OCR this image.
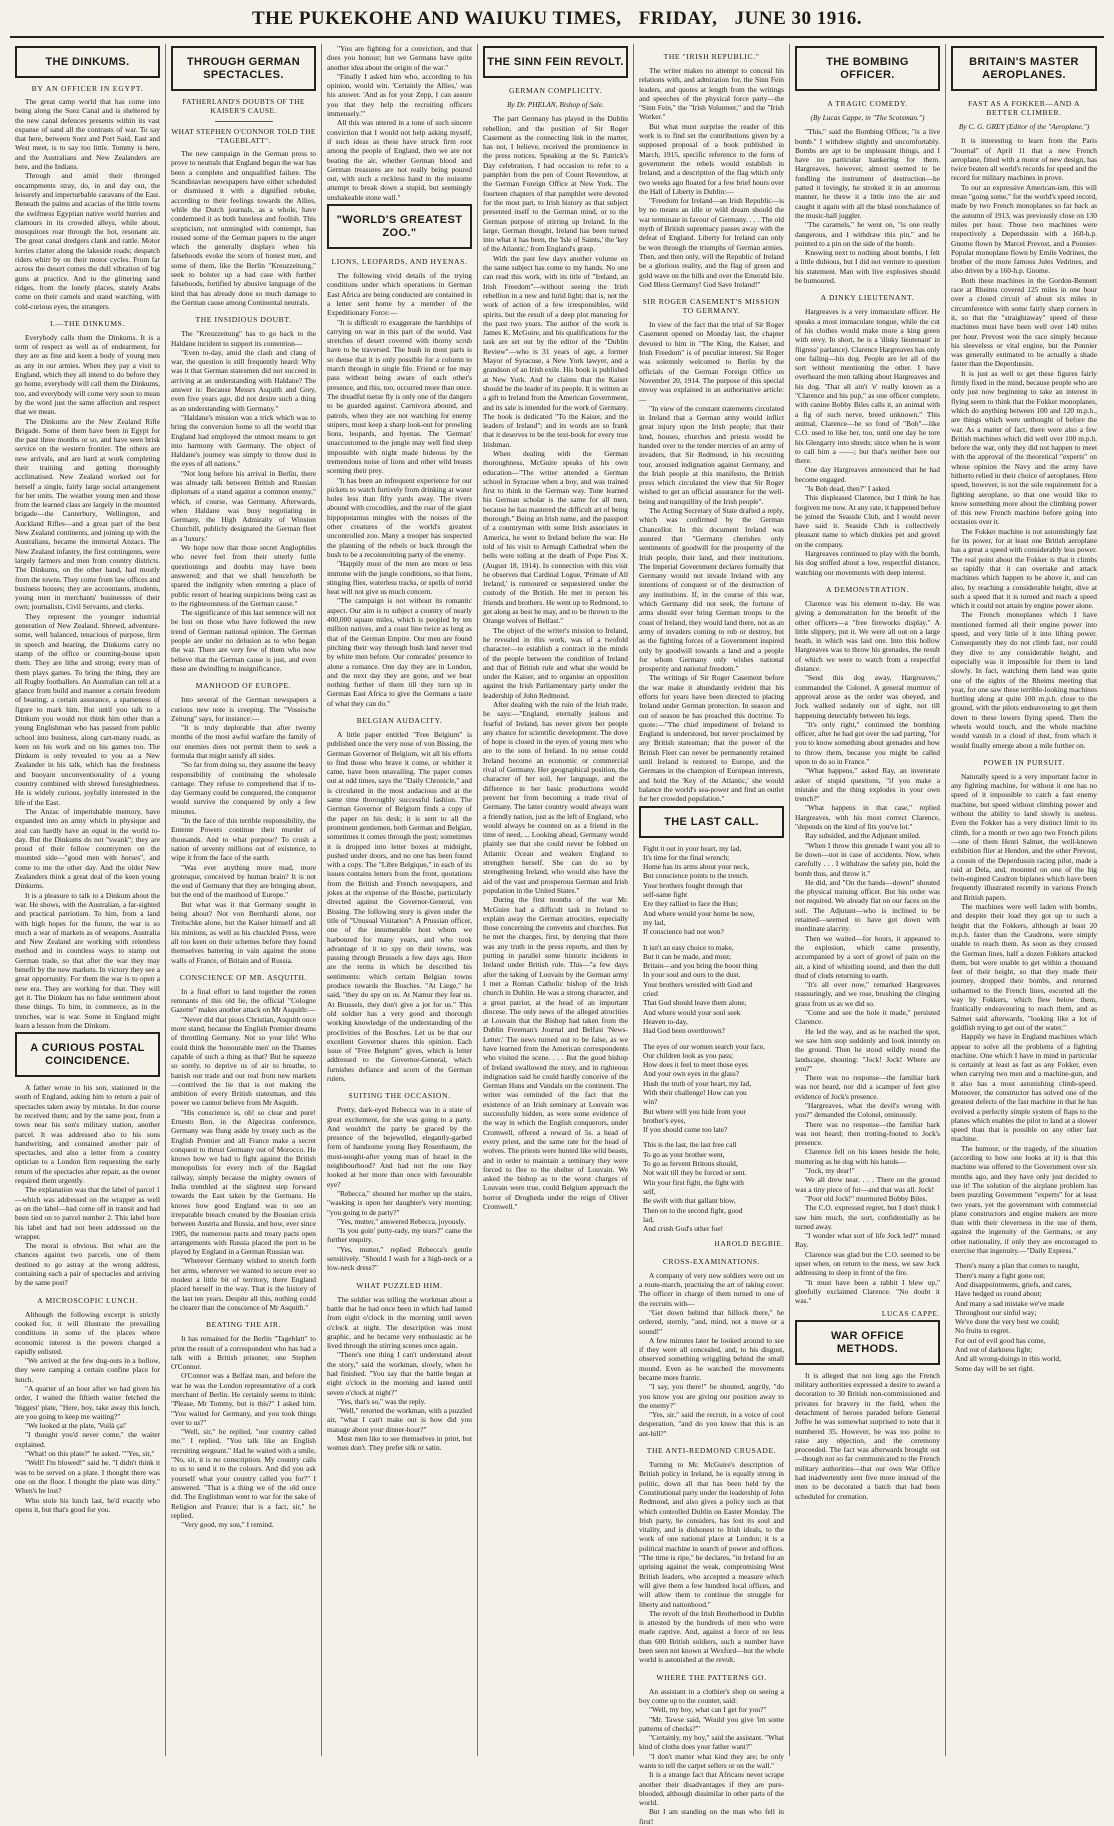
THE PUKEKOHE AND WAIUKU TIMES, FRIDAY, JUNE 30 1916.
THE DINKUMS.
BY AN OFFICER IN EGYPT.

The great camp world that has come into being along the Suez Canal and is sheltered by the new canal defences presents within its vast expanse of sand all the contrasts of war. To say that here, between Suez and Port Said, East and West meet, is to say too little. Tommy is here, and the Australians and New Zealanders are here, and the Indians.

Through and amid their thronged encampments stray, do, in and day out, the leisurely and imperturbable caravans of the East. Beneath the palms and acacias of the little towns the swiftness Egyptian native world hurries and clamours in its crowded alleys, while about, mosquitoes roar through the hot, resonant air. The great canal dredgers clank and rattle. Motor lorries clatter along the lakeside roads; despatch riders whirr by on their motor cycles. From far across the desert comes the dull vibration of big guns at practice. And to the glittering sand ridges, from the lonely places, stately Arabs come on their camels and stand watching, with cold-curious eyes, the strangers.

I.—THE DINKUMS.

Everybody calls them the Dinkums. It is a term of respect as well as of endearment, for they are as fine and keen a body of young men as any in our armies. When they pay a visit to England, which they all intend to do before they go home, everybody will call them the Dinkums, too, and everybody will come very soon to mean by the word just the same affection and respect that we mean.

The Dinkums are the New Zealand Rifle Brigade. Some of them have been in Egypt for the past three months or so, and have seen brisk service on the western frontier. The others are new arrivals, and are hard at work completing their training and getting thoroughly acclimatised. New Zealand worked out for herself a single, fairly large social arrangement for her units. The weather young men and those from the learned class are largely in the mounted brigade—the Canterbury, Wellington, and Auckland Rifles—and a great part of the best New Zealand continents, and joining up with the Australians, became the immortal Anzacs. The New Zealand infantry, the first contingents, were largely farmers and men from country districts. The Dinkums, on the other hand, had mostly from the towns. They come from law offices and business houses; they are accountants, students, young men in merchants' businesses of their own; journalists, Civil Servants, and clerks.

They represent the younger industrial generation of New Zealand. Shrewd, adventure-some, well balanced, tenacious of purpose, firm in speech and bearing, the Dinkums carry no stamp of the office or counting-house upon them. They are lithe and strong; every man of them plays games. To bring the thing, they are all Rugby footballers. An Australian can tell at a glance from build and manner a certain freedom of bearing, a certain assurance, a sparseness of figure to mark him. But until you talk to a Dinkum you would not think him other than a young Englishman who has passed from public school into business, along cart-many roads, as keen on his work and on his games too. The Dinkum is only revealed to you as a New Zealander in his talk, which has the freshness and buoyant unconventionality of a young country combined with shrewd foresightedness. He is widely curious, joyfully interested in the life of the East.

The Anzac of imperishable memory, have expanded into an army which in physique and zeal can hardly have an equal in the world to-day. But the Dinkums do not "swank"; they are proud of their fellow countrymen on the mounted side—"good men with horses", and come to me the other day. And the older New Zealanders think a great deal of the keen young Dinkums.

It is a pleasure to talk to a Dinkum about the war. He shows, with the Australian, a far-sighted and practical patriotism. To him, from a land with high hopes for the future, the war is so much a war of markets as of weapons. Australia and New Zealand are working with relentless method and in countless ways to stamp out German trade, so that after the war they may benefit by the new markets. In victory they see a great opportunity. For them the war is to open a new era. They are working for that. They will get it. The Dinkum has no false sentiment about these things. To him, in commerce, as in the trenches, war is war. Some in England might learn a lesson from the Dinkum.

A CURIOUS POSTAL COINCIDENCE.

A father wrote to his son, stationed in the south of England, asking him to return a pair of spectacles taken away by mistake. In due course he received them; and by the same post, from a town near his son's military station, another parcel. It was addressed also to his sons handwriting, and contained another pair of spectacles, and also a letter from a country optician to a London firm requesting the early return of the spectacles after repair, as the owner required them urgently.

The explanation was that the label of parcel 1—which was addressed on the wrapper as well as on the label—had come off in transit and had been tied on to parcel number 2. This label bore his label and had not been addressed on the wrapper.

The moral is obvious. But what are the chances against two parcels, one of them destined to go astray at the wrong address, containing each a pair of spectacles and arriving by the same post?

A MICROSCOPIC LUNCH.

Although the following excerpt is strictly cooked for, it will illustrate the prevailing conditions in some of the places where economic interest is the powers charged a rapidly enlisted.

"We arrived at the few dug-outs in a hollow, they were camping a certain confine place for lunch.

"A quarter of an hour after we had given his order, I waited the fiftieth waiter fetched the 'biggest' plate, "Here, boy, take away this lunch, are you going to keep me waiting?"

"We looked at the plate, 'Voilà ça!'

"I thought you'd never come," the waiter explained.

"What! on this plate?" he asked. ""Yes, sir,"

"Well! I'm blowed!" said he. "I didn't think it was to be served on a plate. I thought there was one on the floor. I thought the plate was dirty." When's he lost?

Who stole his lunch last, he'd exactly who opens it, but that's good for you.

THROUGH GERMAN SPECTACLES.
FATHERLAND'S DOUBTS OF THE KAISER'S CAUSE.
WHAT STEPHEN O'CONNOR TOLD THE "TAGEBLATT".

The new campaign in the German press to prove to neutrals that England began the war has been a complete and unqualified failure. The Scandinavian newspapers have either scheduled or dismissed it with a dignified rebuke, according to their feelings towards the Allies, while the Dutch journals, as a whole, have condemned it as both baseless and foolish. This scepticism, not unmingled with contempt, has roused some of the German papers to the anger which the generally displays when his falsehoods evoke the scorn of honest men, and some of them, like the Berlin "Kreuzzeitung," seek to bolster up a bad case with further falsehoods, fortified by abusive language of the kind that has already done so much damage to the German cause among Continental neutrals.

THE INSIDIOUS DOUBT.

The "Kreuzzeitung" has to go back to the Haldane incident to support its contention—

"Even to-day, amid the clash and clang of war, the question is still frequently heard: Why was it that German statesmen did not succeed in arriving at an understanding with Haldane? The answer is: Because Messrs Asquith and Grey, even five years ago, did not desire such a thing as an understanding with Germany."

"Haldane's mission was a trick which was to bring the conversion home to all the world that England had employed the utmost means to get into harmony with Germany. The object of Haldane's journey was simply to throw dust in the eyes of all nations."

"Not long before his arrival in Berlin, there was already talk between British and Russian diplomats of a stand against a common enemy," which, of course, was Germany. Afterwards, when Haldane was busy negotiating in Germany, the High Admiralty of Winston Churchill, publicly designated the German fleet as a 'luxury.'

We hope now that those secret Anglophiles who never feel from their utterly futile questionings and doubts may have been answered; and that we shall henceforth be spared the indignity when entering a place of public resort of hearing suspicions being cast as to the righteousness of the German cause."

The significance of this last sentence will not be lost on those who have followed the new trend of German national opinion. The German people are under no delusion as to who began the war. There are very few of them who now believe that the German cause is just, and even these are dwindling to insignificance.

MANHOOD OF EUROPE.

Into several of the German newspapers a curious new note is creeping. The "Vossische Zeitung" says, for instance:—

"It is truly deplorable that after twenty months of the most awful warfare the family of our enemies does not permit them to seek a formula that might satisfy all sides.

"So far from doing so, they assume the heavy responsibility of continuing the wholesale carnage. They refuse to comprehend that if to-day Germany could be conquered, the conqueror would survive the conquered by only a few minutes.

"In the face of this terrible responsibility, the Entente Powers continue their murder of thousands. And to what purpose? To crush a nation of seventy millions out of existence, to wipe it from the face of the earth.

"Was ever anything more mad, more grotesque, conceived by human brain? It is not the end of Germany that they are bringing about, but the end of the manhood of Europe."

But what was it that Germany sought in being about? Not von Bernhardi alone, nor Treitschke alone, but the Kaiser himself and all his minions, as well as his chuckled Press, were all too keen on their schemes before they found themselves battering in vain against the stone walls of France, of Britain and of Russia.

CONSCIENCE OF MR. ASQUITH.

In a final effort to land together the rotten remnants of this old lie, the official "Cologne Gazette" makes another attack on Mr Asquith:—

"Never did that pious Christian, Asquith once more stand, because the English Premier dreams of throttling Germany. Not so your life! Who could think the 'honourable men' on the Thames capable of such a thing as that? But he squeeze so sorely, to deprive us of air to breathe, to banish our trade and our real from new markets—contrived the lie that is not making the ambition of every British statesman, and this power we cannot believe from Mr Asquith.

"His conscience is, oh! so clear and pure! Ernesto Bon, in the Algeciras conference, Germany was flung aside by treaty such as the English Premier and all France make a secret conquest to thrust Germany out of Morocco. He knows how we had to fight against the British monopolists for every inch of the Bagdad railway, simply because the mighty owners of India trembled at the slightest step forward towards the East taken by the Germans. He knows how good England was to see an irreparable breach created by the Bosnian crisis between Austria and Russia, and how, ever since 1905, the numerous pacts and treaty pacts open arrangements with Russia placed the port to be played by England in a German Russian war.

"Wherever Germany wished to stretch forth her arms, wherever we wanted to secure ever so modest a little bit of territory, there England placed herself in the way. That is the history of the last ten years. Despite all this, nothing could be clearer than the conscience of Mr Asquith."

BEATING THE AIR.

It has remained for the Berlin "Tageblatt" to print the result of a correspondent who has had a talk with a British prisoner, one Stephen O'Connor.

O'Connor was a Belfast man, and before the war he was the London representative of a cork merchant of Berlin. He certainly seems to think: "Please, Mr Tommy, but is this?" I asked him. "You waited for Germany, and you took things over to us?"

"Well, sir," he replied, "our country called me." I replied, "You talk like an English recruiting sergeant." Had he waited with a smile, "No, sir, it is no conscription. My country calls to us to send it to the colours. And did you ask yourself what your country called you for?" I answered. "That is a thing we of the old once did. The Englishman went to war for the sake of Religion and France; that is a fact, sir," he replied.

"Very good, my son," I remind.

"You are fighting for a conviction, and that does you honour; but we Germans have quite another idea about the origin of the war."

"Finally I asked him who, according to his opinion, would win. 'Certainly the Allies,' was his answer. 'And as for your Zepp, I can assure you that they help the recruiting officers immensely.'"

All this was uttered in a tone of such sincere conviction that I would not help asking myself, if such ideas as these have struck firm root among the people of England, then we are not beating the air, whether German blood and German treasures are not really being poured out, with such a reckless hand in the noisome attempt to break down a stupid, but seemingly unshakeable stone wall."

"WORLD'S GREATEST ZOO."
LIONS, LEOPARDS, AND HYENAS.

The following vivid details of the trying conditions under which operations in German East Africa are being conducted are contained in a letter sent home by a member of the Expeditionary Force:—

"It is difficult to exaggerate the hardships of carrying on war in this part of the world. Vast stretches of desert covered with thorny scrub have to be traversed. The bush in most parts is so dense that it is only possible for a column to march through in single file. Friend or foe may pass without being aware of each other's presence, and this, too, occurred more than once. The dreadful tsetse fly is only one of the dangers to be guarded against. Carnivora abound, and patrols, when they are not watching for enemy snipers, must keep a sharp look-out for prowling lions, leopards, and hyenas. The 'German' unaccustomed to the jungle may well find sleep impossible with night made hideous by the tremendous noise of lions and other wild beasts scenting their prey.

"It has been an infrequent experience for our pickets to watch furtively from drinking at water holes less than fifty yards away. The rivers abound with crocodiles, and the roar of the giant hippopotamus mingles with the noises of the other creatures of the world's greatest uncontrolled zoo. Many a trooper has suspected the planning of the rebels or buck through the bush to be a recoinnoitring party of the enemy.

"Happily most of the men are more or less immune with the jungle conditions, so that lions, stinging flies, waterless tracks, or spells of torrid heat will not give us much concern.

"The campaign is not without its romantic aspect. Our aim is to subject a country of nearly 400,000 square miles, which is peopled by ten million natives, and a coast line twice as long as that of the German Empire. Our men are found pitching their way through bush land never trod by white men before. Our comrades' presence to alone a romance. One day they are in London, and the next day they are gone, and we hear nothing further of them till they turn up in German East Africa to give the Germans a taste of what they can do."

BELGIAN AUDACITY.

A little paper entitled "Free Belgium" is published once the very nose of von Bissing, the German Governor of Belgium, wit all his efforts to find those who brave it come, or whither it came, have been unavailing. The paper comes out at odd times, says the "Daily Chronicle," and is circulated in the most audacious and at the same time thoroughly successful fashion. The German Governor of Belgium finds a copy of the paper on his desk; it is sent to all the prominent gentlemen, both German and Belgian, sometimes it comes through the post; sometimes it is dropped into letter boxes at midnight, pushed under doors, and no one has been found with a copy. The "Libre Belgique," in each of its issues contains letters from the front, quotations from the British and French newspapers, and jokes at the expense of the Bosche, particularly directed against the Governor-General, von Bissing. The following story is given under the title of "Unusual Visitation": A Prussian officer, one of the innumerable host whom we harboured for many years, and who took advantage of it to spy on their towns, was passing through Brussels a few days ago. Here are the terms in which he described his sentiments: which certain Belgian towns produce towards the Bosches. "At Liege," he said, "they do spy on us. At Namur they fear us. At Brussels, they don't give a jot for us." This old soldier has a very good and thorough working knowledge of the understanding of the proclivities of the Bosches. Let us be that our excellent Governor shares this opinion. Each issue of "Free Belgium" gives, which is letter addressed to the Governor-General, which furnishes defiance and scorn of the German rulers.

SUITING THE OCCASION.

Pretty, dark-eyed Rebecca was in a state of great excitement, for she was going to a party. And wouldn't the party be graced by the presence of the bejewelled, elegantly-garbed form of handsome young Ikey Rosenbaum, the most-sought-after young man of Israel in the neighbourhood? And had not the one Ikey looked at her more than once with favourable eye?

"Rebecca," shouted her mother up the stairs, "wasking is upon her daughter's very morning; "you going to de party?"

"Yes, mutter," answered Rebecca, joyously.

"Is you goin' putty-rady, my tears?" came the further enquiry.

"Yes, mutter," replied Rebecca's gentle sensitively. "Should I wash for a high-neck or a low-neck dress?"

WHAT PUZZLED HIM.

The soldier was telling the workman about a battle that he had once been in which had lasted from eight o'clock in the morning until seven o'clock at night. The description was most graphic, and he became very enthusiastic as he lived through the stirring scenes once again.

"There's one thing I can't understand about the story," said the workman, slowly, when he had finished. "You say that the battle began at eight o'clock in the morning and lasted until seven o'clock at night?"

"Yes, that's so," was the reply.

"Well," retorted the workman, with a puzzled air, "what I can't make out is how did you manage about your dinner-hour?"

Most men like to see themselves in print, but women don't. They prefer silk or satin.

THE SINN FEIN REVOLT.
GERMAN COMPLICITY.
By Dr. PHELAN, Bishop of Sale.

The part Germany has played in the Dublin rebellion, and the position of Sir Roger Casement as the connecting link in the matter, has not, I believe, received the prominence in the press notices. Speaking at the St. Patrick's Day celebration, I had occasion to refer to a pamphlet from the pen of Count Reventlow, at the German Foreign Office at New York. The fourteen chapters of that pamphlet were devoted for the most part, to Irish history as that subject presented itself to the German mind, or to the German purpose of stirring up Ireland. In the large, German thought, Ireland has been turned into what it has been, the 'Isle of Saints,' the 'key of the Atlantic,' from England's grasp.

With the past few days another volume on the same subject has come to my hands. No one can read this work, with its title of "Ireland, an Irish Freedom"—without seeing the Irish rebellion in a new and lurid light; that is, not the work of action of a few irresponsibles, wild spirits, but the result of a deep plot maturing for the past two years. The author of the work is James K. McGuire, and his qualifications for the task are set out by the editor of the "Dublin Review"—who is 31 years of age, a former Mayor of Syracuse, a New York lawyer, and a grandson of an Irish exile. His book is published at New York. And he claims that the Kaiser should be the leader of its people. It is written as a gift to Ireland from the American Government, and its sale is intended for the work of Germany. The book is dedicated "To the Kaiser, and the leaders of Ireland"; and its words are so frank that it deserves to be the text-book for every true Irishman.

When dealing with the German thoroughness, McGuire speaks of his own education—"The writer attended a German school in Syracuse when a boy, and was trained first to think in the German way. Tone learned his German scholar is the same for all men, because he has mastered the difficult art of being thorough." Being an Irish name, and the passport of a countryman with some Irish associates in America, he went to Ireland before the war. He told of his visit to Armagh Cathedral when the bells were tolling at the death of Pope Pius X. (August 18, 1914). In connection with this visit he observes that Cardinal Logue, 'Primate of All Ireland,' is rumoured or sequestered under the custody of the British. He met in person his friends and brothers. He went up to Redmond, to get along as best he may, and to be thrown to the Orange wolves of Belfast."

The object of the writer's mission to Ireland, he revealed in this work, was of a twofold character—to establish a contract in the minds of the people between the condition of Ireland and that of British rule and what she would be under the Kaiser, and to organise an opposition against the Irish Parliamentary party under the leadership of John Redmond.

After dealing with the ruin of the Irish trade, he says:—"England, eternally jealous and fearful of Ireland, has never given her people any chance for scientific development. The dove of hope is closed in the eyes of young men who are to the sons of Ireland. In no sense could Ireland become an economic or commercial rival of Germany. Her geographical position, the character of her soil, her language, and the difference in her basic productions would prevent her from becoming a trade rival of Germany. The latter country would always want a friendly nation, just as the left of England, who would always be counted on as a friend in the time of need, ... Looking ahead, Germany would plainly see that she could never be fobbed on Atlantic Ocean and weaken England to strengthen herself. She can do so by strengthening Ireland, who would also have the aid of the vast and prosperous German and Irish population in the United States."

During the first months of the war Mr. McGuire had a difficult task in Ireland to explain away the German atrocities, especially those concerning the convents and churches. But he met the charges, first, by denying that there was any truth in the press reports, and then by putting in parallel some historic incidents in Ireland under British rule. This—"a few days after the taking of Louvain by the German army I met a Roman Catholic bishop of the Irish church in Dublin. He was a strong character, and a great patriot, at the head of an important diocese. The only news of the alleged atrocities at Louvain that the Bishop had taken from the Dublin Freeman's Journal and Belfast 'News-Letter.' The news turned out to be false, as we have learned from the American correspondents who visited the scene. . . . But the good bishop of Ireland swallowed the story, and in righteous indignation said he could hardly conceive of the German Huns and Vandals on the continent. The writer was reminded of the fact that the existence of an Irish seminary at Louvain was successfully hidden, as were some evidence of the way in which the English conquerors, under Cromwell, offered a reward of 5s. a head of every priest, and the same rate for the head of wolves. The priests were hunted like wild beasts, and in order to maintain a seminary they were forced to flee to the shelter of Louvain. We asked the bishop as to the worst charges of Louvain were true, could Belgium approach the horror of Drogheda under the reign of Oliver Cromwell."

THE "IRISH REPUBLIC."

The writer makes no attempt to conceal his relations with, and admiration for, the Sinn Fein leaders, and quotes at length from the writings and speeches of the physical force party—the "Sinn Fein," the "Irish Volunteer," and the "Irish Worker."

But what must surprise the reader of this work is to find set the contributions given by a supposed proposal of a book published in March, 1915, specific reference to the form of government the rebels would establish in Ireland, and a description of the flag which only two weeks ago floated for a few brief hours over the Hall of Liberty in Dublin:—

"Freedom for Ireland—an Irish Republic—is by no means an idle or wild dream should the war terminate in favour of Germany. . . . The old myth of British supremacy passes away with the defeat of England. Liberty for Ireland can only be won through the triumphs of German armies. Then, and then only, will the Republic of Ireland be a glorious reality, and the flag of green and gold wave on the hills and over the Emerald Isle. God Bless Germany! God Save Ireland!"

SIR ROGER CASEMENT'S MISSION TO GERMANY.

In view of the fact that the trial of Sir Roger Casement opened on Monday last, the chapter devoted to him in "The King, the Kaiser, and Irish Freedom" is of peculiar interest. Sir Roger was solemnly welcomed to Berlin by the officials of the German Foreign Office on November 20, 1914. The purpose of this special envoy was explained in an authoritative article:—

"In view of the constant statements circulated in Ireland that a German army would inflict great injury upon the Irish people; that their land, houses, churches and priests would be handed over to the tender mercies of an army of invaders, that Sir Redmond, in his recruiting tour, aroused indignation against Germany, and the Irish people at this manifesto, the British press which circulated the view that Sir Roger wished to get an official assurance for the well-being and tranquillity of the Irish people".

The Acting Secretary of State drafted a reply, which was confirmed by the German Chancellor. In this document Ireland was assured that "Germany cherishes only sentiments of goodwill for the prosperity of the Irish people, their land, and their institutions. The Imperial Government declares formally that Germany would not invade Ireland with any intentions of conquest or of the destruction of any institutions. If, in the course of this war, which Germany did not seek, the fortune of arms should ever bring German troops to the coast of Ireland, they would land there, not as an army of invaders coming to rob or destroy, but as the fighting forces of a Government inspired only by goodwill towards a land and a people for whom Germany only wishes national prosperity and national freedom."

The writings of Sir Roger Casement before the war make it abundantly evident that his efforts for years have been directed to placing Ireland under German protection. In season and out of season he has preached this doctrine. To quote:—"The chief impediment of Ireland to England is understood, but never proclaimed by any British statesman; that the power of the British Fleet can never be permanently retained until Ireland is restored to Europe, and the Germans in the champion of European interests, and hold the 'Key of the Atlantic,' she would balance the world's sea-power and find an outlet for her crowded population."

THE LAST CALL.

Fight it out in your heart, my lad,

It's time for the final wrench;

Home has its arms about your neck,

But conscience points to the trench.

Your brothers fought through that

self-same fight

Ere they rallied to face the Hun;

And where would your home be now,

my lad,

If conscience had not won?

It isn't an easy choice to make,

But it can be made, and must;

Britain—and you bring the boost thing

In your soul and ours to the dust.

Your brothers wrestled with God and

cried

That God should leave them alone,

And where would your soul seek

Heaven to-day,

Had God been overthrown?

The eyes of our women search your face,

Our children look as you pass;

How does it feel to meet those eyes

And your own eyes in the glass?

Hush the truth of your heart, my lad,

With their challenge! How can you

win?

But where will you hide from your

brother's eyes,

If you should come too late?

This is the last, the last free call

To go as your brother went,

To go as fervent Britons should,

Not wait till they be forced or sent.

Win your first fight, the fight with

self,

Be swift with that gallant blow,

Then on to the second fight, good

lad,

And crush God's other foe!

HAROLD BEGBIE.
CROSS-EXAMINATIONS.

A company of very new soldiers were out on a route-march, practising the art of taking cover. The officer in charge of them turned to one of the recruits with—

"Get down behind that hillock there," he ordered, sternly, "and, mind, not a move or a sound!"

A few minutes later he looked around to see if they were all concealed, and, to his disgust, observed something wriggling behind the small mound. Even as he watched the movements became more frantic.

"I say, you there!" he shouted, angrily, "do you know you are giving our position away to the enemy?"

"Yes, sir," said the recruit, in a voice of cool desperation, "and do you know that this is an ant-hill?"

THE ANTI-REDMOND CRUSADE.

Turning to Mr. McGuire's description of British policy in Ireland, he is equally strong in politic, down all that has been held by the Constitutional party under the leadership of John Redmond, and also gives a policy such as that which controlled Dublin on Easter Monday. The Irish party, he considers, has lost its soul and vitality, and is dishonest to Irish ideals, to the work of one national place at London; it is a political machine in search of power and offices. "The time is ripe," he declares, "in Ireland for an uprising against the weak, compromising West British leaders, who accepted a measure which will give them a few hundred local offices, and will allow them to continue the struggle for liberty and nationhood."

The revolt of the Irish Brotherhood in Dublin is attested by the hundreds of men who were made captive. And, against a force of no less than 600 British soldiers, such a number have been seen not known at Wexford—but the whole world is astonished at the revolt.

WHERE THE PATTERNS GO.

An assistant in a clothier's shop on seeing a boy come up to the counter, said:

"Well, my boy, what can I get for you?"

"Mr. Tawse said, 'Would you give 'im some patterns of checks?'"

"Certainly, my boy," said the assistant. "What kind of cloths does your father want?"

"I don't matter what kind they are; he only wants to tell the carpet sellers or on the wall."

It is a strange fact that Africans never scrape another their disadvantages if they are pure-blooded, although dissimilar in other parts of the world.

But I am standing on the man who fell in first!

THE BOMBING OFFICER.
A TRAGIC COMEDY.
(By Lucas Cappe, in "The Scotsman.")

"This," said the Bombing Officer, "is a live bomb." I withdrew slightly and uncomfortably. Bombs are apt to be unpleasant things, and I have no particular hankering for them. Hargreaves, however, almost seemed to be fondling the instrument of destruction—he patted it lovingly, he stroked it in an amorous manner, he threw it a little into the air and caught it again with all the blasé nonchalance of the music-hall juggler.

"The caramels," he went on, "is one really dangerous, and I withdraw this pin," and he pointed to a pin on the side of the bomb.

Knowing next to nothing about bombs, I felt a little dubious, but I did not venture to question his statement. Man with live explosives should be humoured.

A DINKY LIEUTENANT.

Hargreaves is a very immaculate officer. He speaks a most immaculate tongue, while the cut of his clothes would make more a king green with envy. In short, he is a 'dinky lieutenant' in fligress' parlance). Clarence Hargreaves has only one failing—his dog. People are let all of the sort without mentioning the other. I have overheard the men talking about Hargreaves and his dog. 'That all ain't 'e' really known as a "Clarence and his pup," as one officer complete, with canine Bobby Biles calls it, an animal with a fig of such nerve, breed unknown." This animal, Clarence—he so fond of "Bob"—like C.O. used to like her, too, until one day he tore his Glengarry into shreds; since when he is wont to call him a ——; but that's neither here nor there.

One day Hargreaves announced that he had become engaged.

"Is Bob dead, then?" I asked.

This displeased Clarence, but I think he has forgiven me now. At any rate, it happened before he joined the Seaside Club, and I would never have said it. Seaside Club is collectively pleasant name to which dinkies pet and grovel on the company.

Hargreaves continued to play with the bomb, his dog sniffed about a low, respectful distance, watching our movements with deep interest.

A DEMONSTRATION.

Clarence was his element to-day. He was giving a demonstration for the benefit of the other officers—a "free fireworks display." A little slippery, put it. We were all out on a large heath, in which was laid one. Into this hollow Hargreaves was to throw his grenades, the result of which we were to watch from a respectful distance.

"Send this dog away, Hargreaves," commanded the Colonel. A general murmur of approval arose as the order was obeyed, and Jock walked sedately out of sight, not till happening detectably between his legs.

"It's only right," continued the bombing officer, after he had got over the sad parting, "for you to know something about grenades and how to throw them, because you might be called upon to do so in France."

"What happens," asked Ray, an inveterate asker of stupid questions, "if you make a mistake and the thing explodes in your own trench?"

"What happens in that case," replied Hargreaves, with his most correct Clarence, "depends on the kind of fits you've lot."

Ray subsided, and the Adjutant smiled.

"When I throw this grenade I want you all to lie down—not in case of accidents. Now, when carefully . . . I withdraw the safety pin, hold the bomb thus, and throw it."

He did, and "On the hands—down!" shouted the physical training officer. But his order was not required. We already flat on our faces on the soil. The Adjutant—who is inclined to be retained—seemed to have got down with inordinate alacrity.

Then we waited—for hours, it appeared to the explosion, which came presently, accompanied by a sort of growl of pain on the air, a kind of whistling sound, and then the dull thud of clods returning to earth.

"It's all over now," remarked Hargreaves reassuringly, and we rose, brushing the clinging grass from us as we did so.

"Come and see the hole it made," persisted Clarence.

He led the way, and as he reached the spot, we saw him stop suddenly and look intently on the ground. Then he stood wildly round the landscape, shouting: "Jock! Jock! Where are you?"

There was no response—the familiar bark was not heard, nor did a scamper of feet give evidence of Jock's presence.

"Hargreaves, what the devil's wrong with you?" demanded the Colonel, ominously.

There was no response—the familiar bark was not heard; then trotting-footed to Jock's presence.

Clarence fell on his knees beside the hole, muttering as he dug with his hands—

"Jock, my dear!"

We all drew near. . . . There on the ground was a tiny piece of fur—and that was all. Jock!

"Poor old Jock!" murmured Bobby Biles.

The C.O. expressed regret, but I don't think I saw him much, the sort, confidentially as he turned away.

"I wonder what sort of life Jock led?" mused Ray.

Clarence was glad but the C.O. seemed to be upset when, on return to the mess, we saw Jock addressing to sleep in front of the fire.

"It must have been a rabbit I blew up," gleefully exclaimed Clarence. "No doubt it was."

LUCAS CAPPE.
WAR OFFICE METHODS.

It is alleged that not long ago the French military authorities expressed a desire to award a decoration to 30 British non-commissioned and privates for bravery in the field, when the detachment of heroes paraded before General Joffre he was somewhat surprised to note that it numbered 35. However, he was too polite to raise any objection, and the ceremony proceeded. The fact was afterwards brought out—though not so far communicated to the French military authorities—that our own War Office had inadvertently sent five more instead of the men to be decorated a batch that had been scheduled for cremation.

BRITAIN'S MASTER AEROPLANES.
FAST AS A FOKKER—AND A BETTER CLIMBER.
By C. G. GREY (Editor of the "Aeroplane.")

It is interesting to learn from the Paris "Journal" of April 11 that a new French aeroplane, fitted with a motor of new design, has twice beaten all world's records for speed and the record for military machines in prove.

To our an expressive American-ism, this will mean "going some," for the world's speed record, made by two French monoplanes so far back as the autumn of 1913, was previously close on 130 miles per hour. Those two machines were respectively a Deperdussin with a 160-h.p. Gnome flown by Marcel Prevost, and a Ponnier-Popular monoplane flown by Emile Vedrines, the brother of the more famous Jules Vedrines, and also driven by a 160-h.p. Gnome.

Both these machines in the Gordon-Bennett race at Rheims covered 125 miles in one hour over a closed circuit of about six miles in circumference with some fairly sharp corners in it, so that the "straightaway" speed of these machines must have been well over 140 miles per hour. Prevost won the race simply because his sleeveless or vital engine, but the Ponnier was generally estimated to be actually a shade faster than the Deperdussin.

It is just as well to get these figures fairly firmly fixed in the mind, because people who are only just now beginning to take an interest in flying seem to think that the Fokker monoplanes, which do anything between 100 and 120 m.p.h., are things which were unthought of before the war. As a matter of fact, there were also a few British machines which did well over 100 m.p.h. before the war, only they did not happen to meet with the approval of the theoretical "experts" on whose opinion the Navy and the army have hitherto relied in their choice of aeroplanes. Here speed, however, is not the sole requirement for a fighting aeroplane, so that one would like to know something more about the climbing power of this new French machine before going into ecstasies over it.

The Fokker machine is not astonishingly fast for its power, for at least one British aeroplane has a great a speed with considerably less power. The real point about the Fokker is that it climbs so rapidly that it can overtake and attack machines which happen to be above it, and can also, by reaching a considerable height, dive at such a speed that it is turned and reach a speed which it could not attain by engine power alone.

The French monoplanes which I have mentioned formed all their engine power into speed, and very little of it into lifting power. Consequently they do not climb fast, nor could they dive to any considerable height, and especially was it impossible for them to land slowly. In fact, watching them land was quite one of the sights of the Rheims meeting that year, for one saw these terrible-looking machines hurtling along at quite 100 m.p.h. close to the ground, with the pilots endeavouring to get them down to these lowers flying speed. Then the wheels would touch, and the whole machine would vanish in a cloud of dust, from which it would finally emerge about a mile further on.

POWER IN PURSUIT.

Naturally speed is a very important factor in any fighting machine, for without it one has no speed of it impossible to catch a fast enemy machine, but speed without climbing power and without the ability to land slowly is useless. Even the Fokker has a very distinct limit to its climb, for a month or two ago two French pilots—one of them Henri Salmet, the well-known exhibition flier at Hendon, and the other Prevost, a cousin of the Deperdussin racing pilot, made a raid at Dela, and, mounted on one of the big twin-engined Caudron biplanes which have been frequently illustrated recently in various French and British papers.

The machines were well laden with bombs, and despite their load they got up to such a height that the Fokkers, although at least 20 m.p.h. faster than the Caudrons, were simply unable to reach them. As soon as they crossed the German lines, half a dozen Fokkers attacked them, but were unable to get within a thousand feet of their height, so that they made their journey, dropped their bombs, and returned unharmed to the French lines, escorted all the way by Fokkers, which flew below them, frantically endeavouring to reach them, and as Salmet said afterwards, "looking like a lot of goldfish trying to get out of the water."

Happily we have in England machines which appear to solve all the problems of a fighting machine. One which I have in mind in particular is certainly at least as fast as any Fokker, even when carrying two men and a machine-gun, and it also has a most astonishing climb-speed. Moreover, the constructor has solved one of the greatest defects of the fast machine in that he has evolved a perfectly simple system of flaps to the planes which enables the pilot to land at a slower speed than that is possible on any other fast machine.

The humour, or the tragedy, of the situation (according to how one looks at it) is that this machine was offered to the Government over six months ago, and they have only just decided to use it! The solution of the airplane problem has been puzzling Government "experts" for at least two years, yet the government with commercial plane constructors and engine makers are more than with their cleverness in the use of them, against the ingenuity of the Germans, or any other nationality, if only they are encouraged to exercise that ingenuity.—"Daily Express."

There's many a plan that comes to naught,

There's many a fight gone out;

And disappointments, griefs, and cares,

Have hedged us round about;

And many a sad mistake we've made

Throughout our sinful way;

We've done the very best we could;

No fruits to regret.

For out of evil good has come,

And out of darkness light;

And all wrong-doings in this world,

Some day will be set right.
